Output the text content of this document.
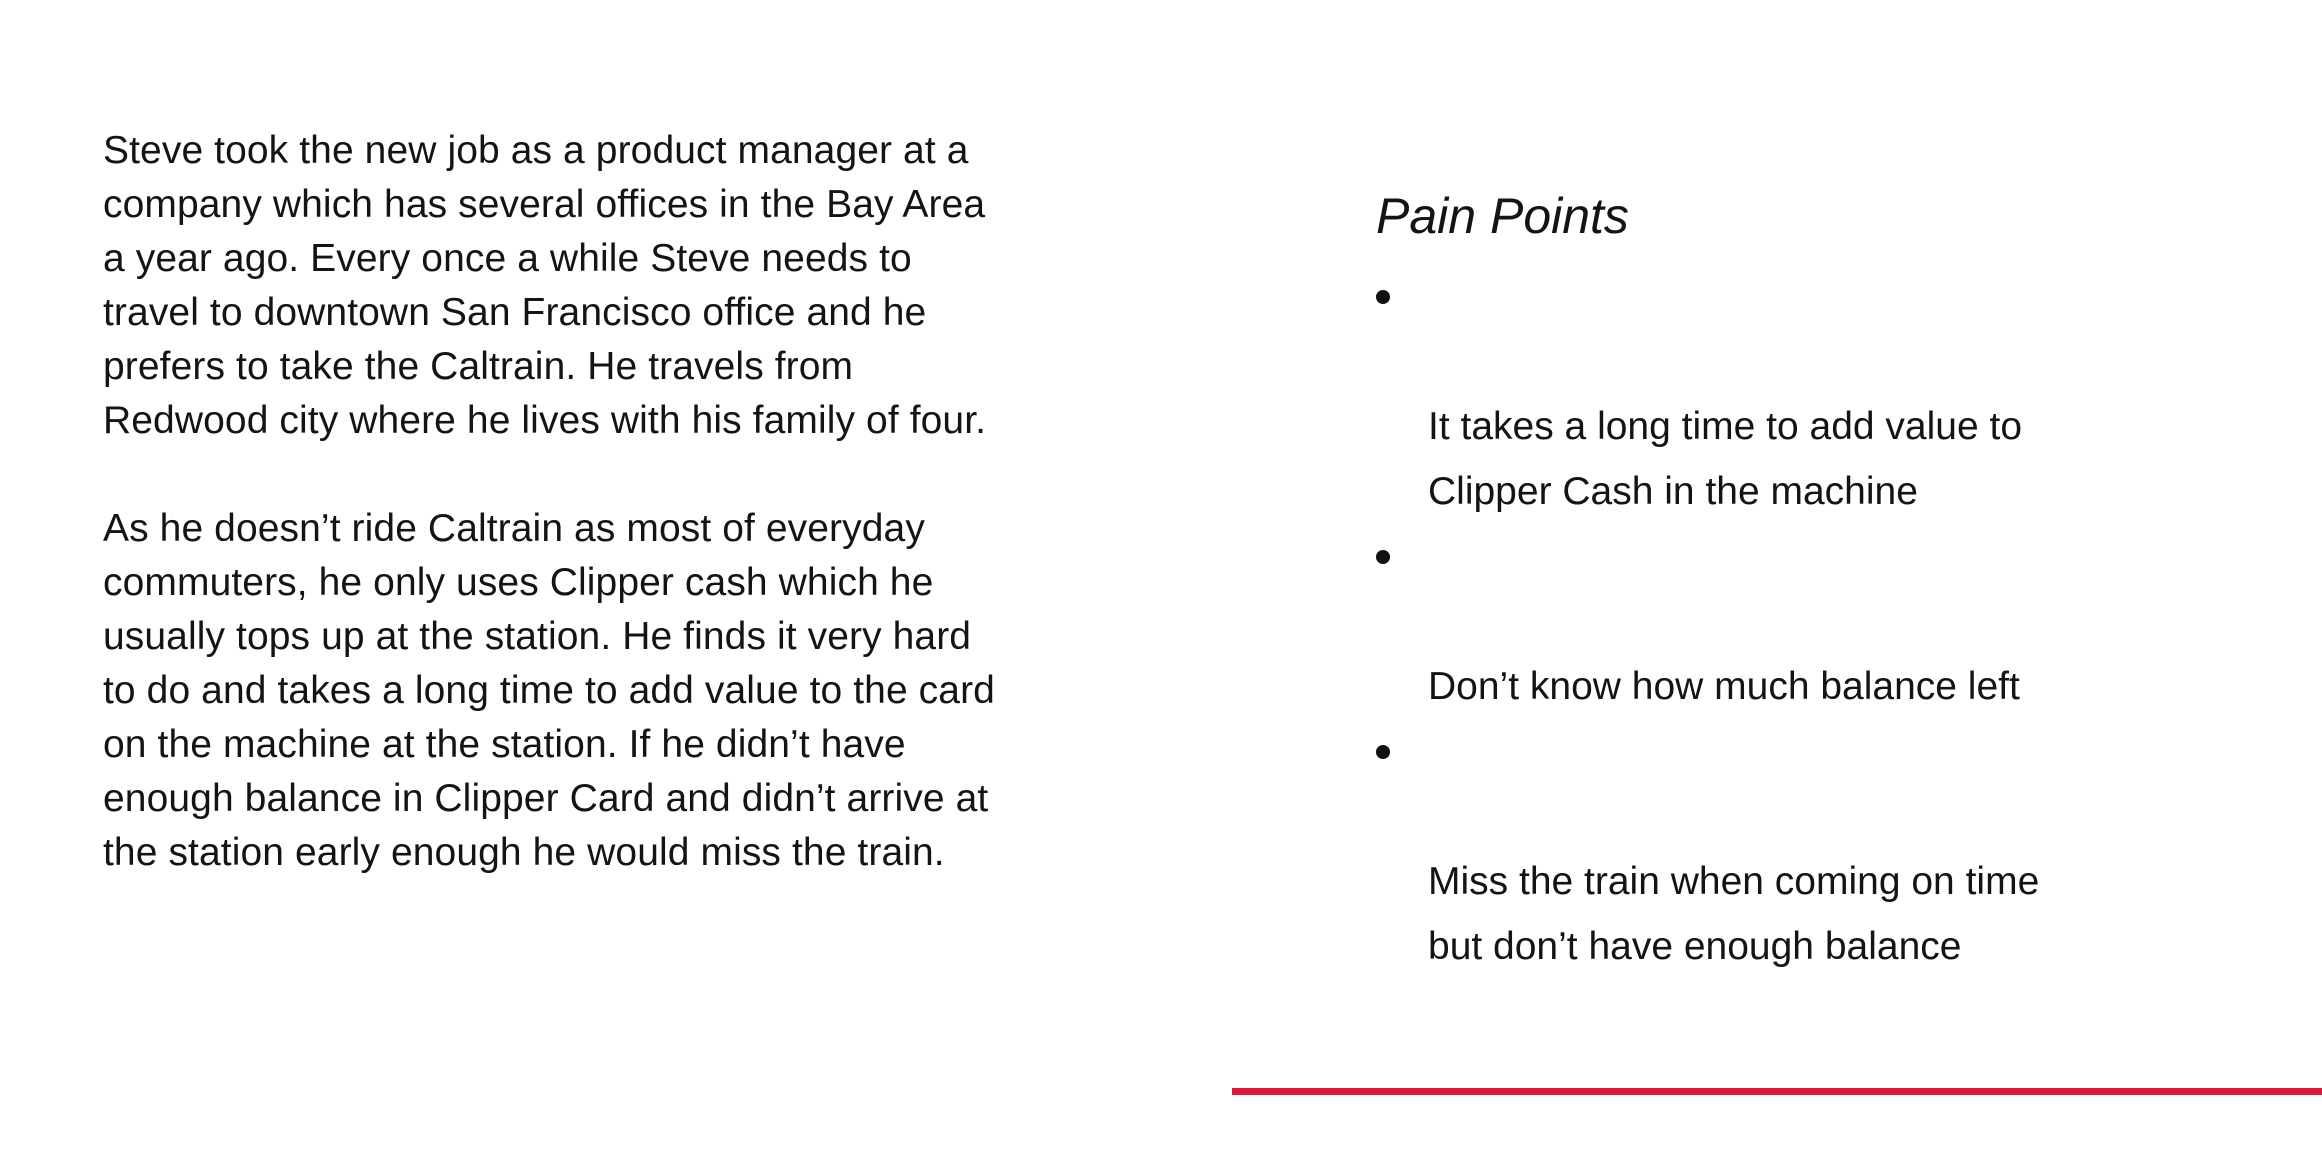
Steve took the new job as a product manager at a
company which has several offices in the Bay Area
a year ago. Every once a while Steve needs to
travel to downtown San Francisco office and he
prefers to take the Caltrain. He travels from
Redwood city where he lives with his family of four.

As he doesn’t ride Caltrain as most of everyday
commuters, he only uses Clipper cash which he
usually tops up at the station. He finds it very hard
to do and takes a long time to add value to the card
on the machine at the station. If he didn’t have
enough balance in Clipper Card and didn’t arrive at
the station early enough he would miss the train.

Pain Points

It takes a long time to add value to
Clipper Cash in the machine

Don’t know how much balance left

Miss the train when coming on time
but don’t have enough balance
